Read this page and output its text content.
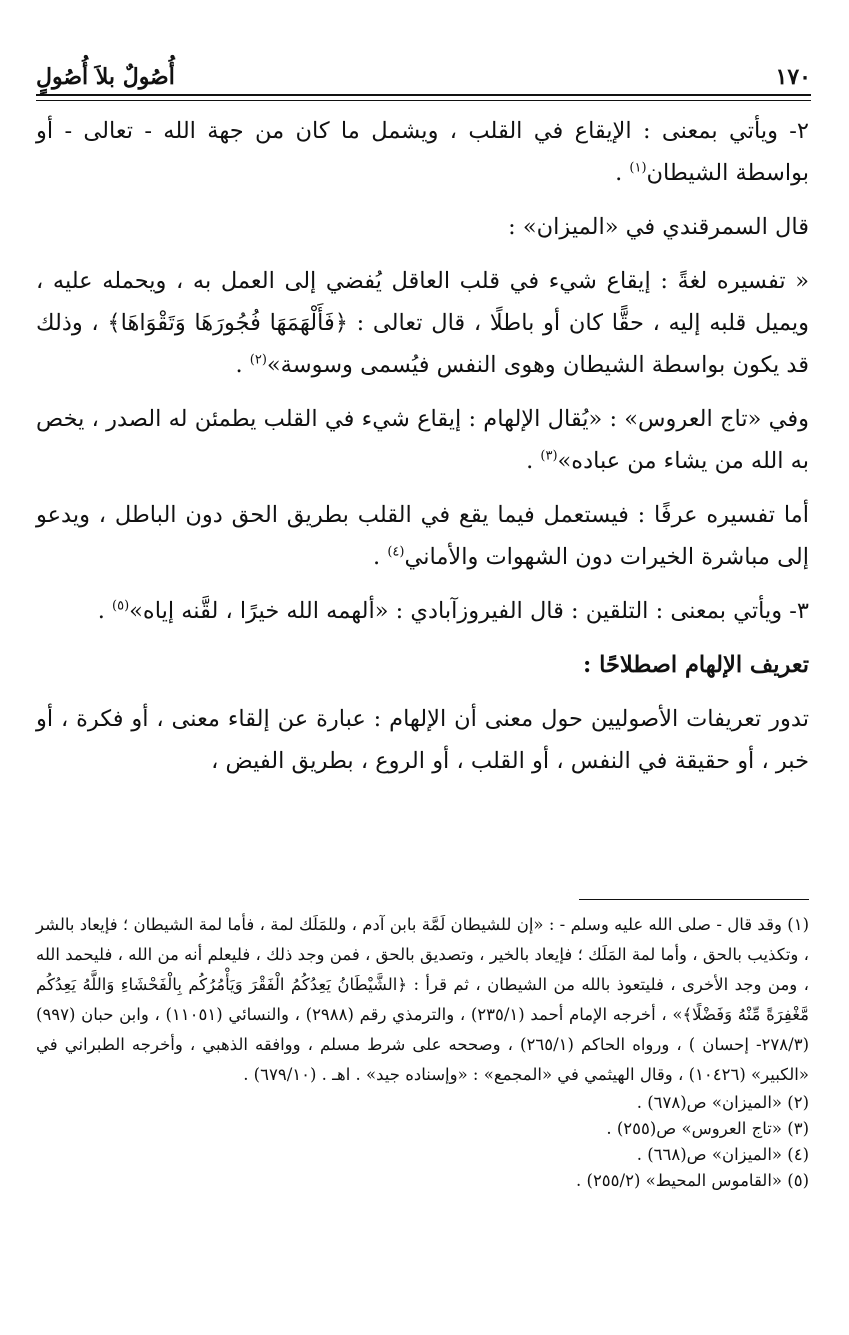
١٧٠
أُصُولٌ بلاَ أُصُولٍ

٢- ويأتي بمعنى : الإيقاع في القلب ، ويشمل ما كان من جهة الله - تعالى - أو بواسطة الشيطان$^{(١)}$ .

قال السمرقندي في «الميزان» :

« تفسيره لغةً : إيقاع شيء في قلب العاقل يُفضي إلى العمل به ، ويحمله عليه ، ويميل قلبه إليه ، حقًّا كان أو باطلًا ، قال تعالى : ﴿فَأَلْهَمَهَا فُجُورَهَا وَتَقْوَاهَا﴾ ، وذلك قد يكون بواسطة الشيطان وهوى النفس فيُسمى وسوسة»$^{(٢)}$ .

وفي «تاج العروس» : «يُقال الإلهام : إيقاع شيء في القلب يطمئن له الصدر ، يخص به الله من يشاء من عباده»$^{(٣)}$ .

أما تفسيره عرفًا : فيستعمل فيما يقع في القلب بطريق الحق دون الباطل ، ويدعو إلى مباشرة الخيرات دون الشهوات والأماني$^{(٤)}$ .

٣- ويأتي بمعنى : التلقين : قال الفيروزآبادي : «ألهمه الله خيرًا ، لقَّنه إياه»$^{(٥)}$ .

تعريف الإلهام اصطلاحًا :

تدور تعريفات الأصوليين حول معنى أن الإلهام : عبارة عن إلقاء معنى ، أو فكرة ، أو خبر ، أو حقيقة في النفس ، أو القلب ، أو الروع ، بطريق الفيض ،

(١) وقد قال - صلى الله عليه وسلم - : «إن للشيطان لَمَّة بابن آدم ، وللمَلَك لمة ، فأما لمة الشيطان ؛ فإيعاد بالشر ، وتكذيب بالحق ، وأما لمة المَلَك ؛ فإيعاد بالخير ، وتصديق بالحق ، فمن وجد ذلك ، فليعلم أنه من الله ، فليحمد الله ، ومن وجد الأخرى ، فليتعوذ بالله من الشيطان ، ثم قرأ : ﴿الشَّيْطَانُ يَعِدُكُمُ الْفَقْرَ وَيَأْمُرُكُم بِالْفَحْشَاءِ وَاللَّهُ يَعِدُكُم مَّغْفِرَةً مِّنْهُ وَفَضْلًا﴾» ، أخرجه الإمام أحمد (٢٣٥/١) ، والترمذي رقم (٢٩٨٨) ، والنسائي (١١٠٥١) ، وابن حبان (٩٩٧) (٢٧٨/٣- إحسان ) ، ورواه الحاكم (٢٦٥/١) ، وصححه على شرط مسلم ، ووافقه الذهبي ، وأخرجه الطبراني في «الكبير» (١٠٤٢٦) ، وقال الهيثمي في «المجمع» : «وإسناده جيد» . اهـ . (٦٧٩/١٠) .

(٢) «الميزان» ص(٦٧٨) .

(٣) «تاج العروس» ص(٢٥٥) .

(٤) «الميزان» ص(٦٦٨) .

(٥) «القاموس المحيط» (٢٥٥/٢) .
